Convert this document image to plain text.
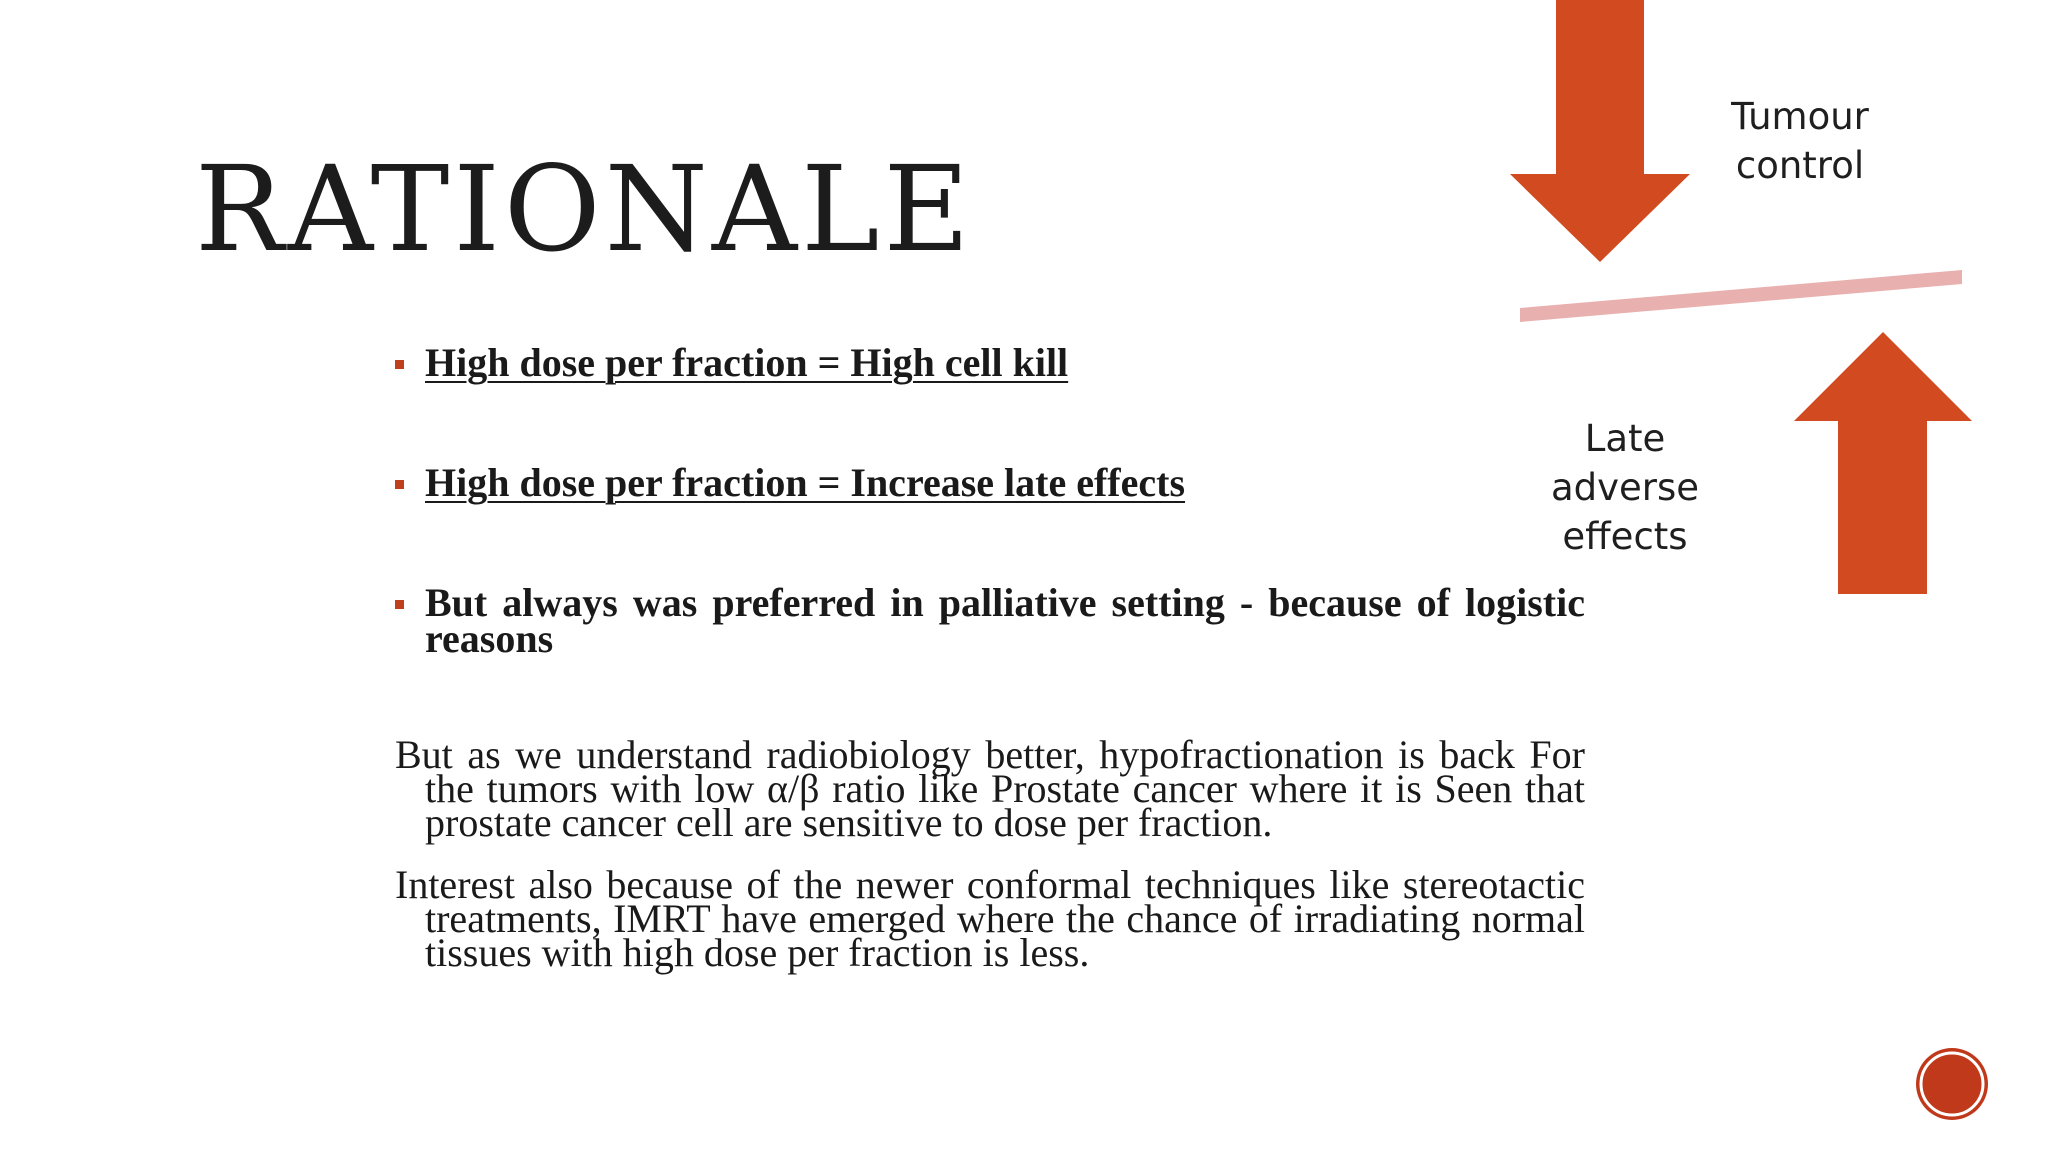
RATIONALE
High dose per fraction = High cell kill
High dose per fraction = Increase late effects
But always was preferred in palliative setting - because of logistic reasons

But as we understand radiobiology better, hypofractionation is back For the tumors with low α/β ratio like Prostate cancer where it is Seen that prostate cancer cell are sensitive to dose per fraction.

Interest also because of the newer conformal techniques like stereotactic treatments, IMRT have emerged where the chance of irradiating normal tissues with high dose per fraction is less.

Tumour
control
Late
adverse
effects
